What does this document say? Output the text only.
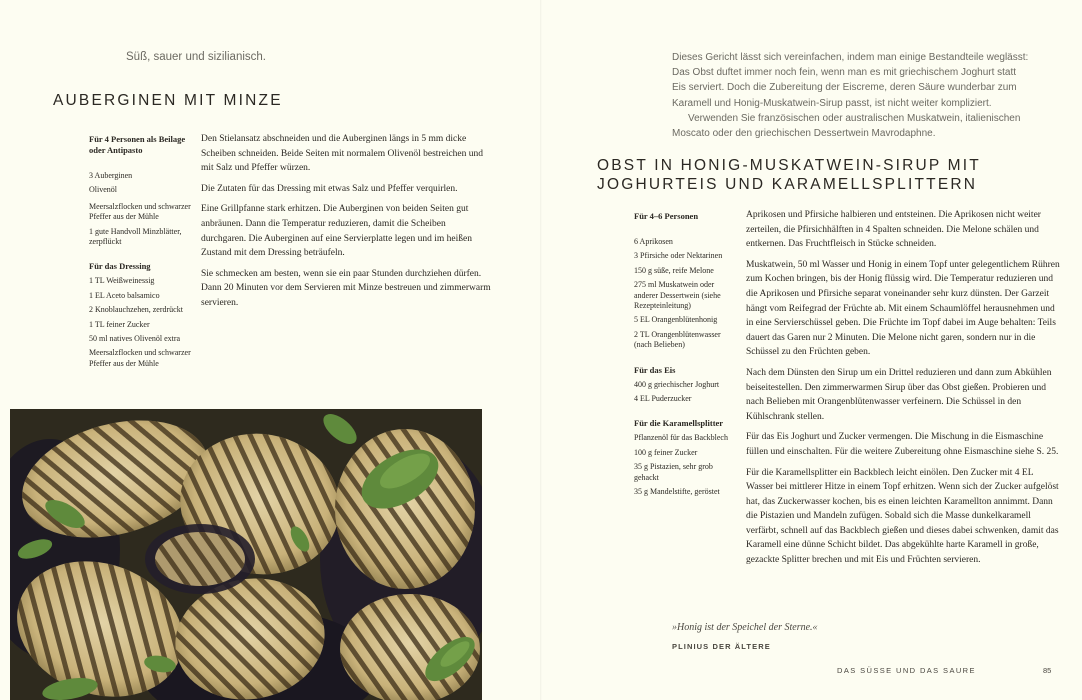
Süß, sauer und sizilianisch.
AUBERGINEN MIT MINZE
Für 4 Personen als Beilage oder Antipasto
3 Auberginen
Olivenöl
Meersalzflocken und schwarzer Pfeffer aus der Mühle
1 gute Handvoll Minzblätter, zerpflückt
Für das Dressing
1 TL Weißweinessig
1 EL Aceto balsamico
2 Knoblauchzehen, zerdrückt
1 TL feiner Zucker
50 ml natives Olivenöl extra
Meersalzflocken und schwarzer Pfeffer aus der Mühle

Den Stielansatz abschneiden und die Auberginen längs in 5 mm dicke Scheiben schneiden. Beide Seiten mit normalem Olivenöl bestreichen und mit Salz und Pfeffer würzen.

Die Zutaten für das Dressing mit etwas Salz und Pfeffer verquirlen.

Eine Grillpfanne stark erhitzen. Die Auberginen von beiden Seiten gut anbräunen. Dann die Temperatur reduzieren, damit die Scheiben durchgaren. Die Auberginen auf eine Servierplatte legen und im heißen Zustand mit dem Dressing beträufeln.

Sie schmecken am besten, wenn sie ein paar Stunden durchziehen dürfen. Dann 20 Minuten vor dem Servieren mit Minze bestreuen und zimmerwarm servieren.

Dieses Gericht lässt sich vereinfachen, indem man einige Bestandteile weglässt: Das Obst duftet immer noch fein, wenn man es mit griechischem Joghurt statt Eis serviert. Doch die Zubereitung der Eiscreme, deren Säure wunderbar zum Karamell und Honig-Muskatwein-Sirup passt, ist nicht weiter kompliziert.

Verwenden Sie französischen oder australischen Muskatwein, italienischen Moscato oder den griechischen Dessertwein Mavrodaphne.

OBST IN HONIG-MUSKATWEIN-SIRUP MIT JOGHURTEIS UND KARAMELLSPLITTERN
Für 4–6 Personen
6 Aprikosen
3 Pfirsiche oder Nektarinen
150 g süße, reife Melone
275 ml Muskatwein oder anderer Dessertwein (siehe Rezepteinleitung)
5 EL Orangenblütenhonig
2 TL Orangenblütenwasser (nach Belieben)
Für das Eis
400 g griechischer Joghurt
4 EL Puderzucker
Für die Karamellsplitter
Pflanzenöl für das Backblech
100 g feiner Zucker
35 g Pistazien, sehr grob gehackt
35 g Mandelstifte, geröstet

Aprikosen und Pfirsiche halbieren und entsteinen. Die Aprikosen nicht weiter zerteilen, die Pfirsichhälften in 4 Spalten schneiden. Die Melone schälen und entkernen. Das Fruchtfleisch in Stücke schneiden.

Muskatwein, 50 ml Wasser und Honig in einem Topf unter gelegentlichem Rühren zum Kochen bringen, bis der Honig flüssig wird. Die Temperatur reduzieren und die Aprikosen und Pfirsiche separat voneinander sehr kurz dünsten. Der Garzeit hängt vom Reifegrad der Früchte ab. Mit einem Schaumlöffel herausnehmen und in eine Servierschüssel geben. Die Früchte im Topf dabei im Auge behalten: Teils dauert das Garen nur 2 Minuten. Die Melone nicht garen, sondern nur in die Schüssel zu den Früchten geben.

Nach dem Dünsten den Sirup um ein Drittel reduzieren und dann zum Abkühlen beiseitestellen. Den zimmerwarmen Sirup über das Obst gießen. Probieren und nach Belieben mit Orangenblütenwasser verfeinern. Die Schüssel in den Kühlschrank stellen.

Für das Eis Joghurt und Zucker vermengen. Die Mischung in die Eismaschine füllen und einschalten. Für die weitere Zubereitung ohne Eismaschine siehe S. 25.

Für die Karamellsplitter ein Backblech leicht einölen. Den Zucker mit 4 EL Wasser bei mittlerer Hitze in einem Topf erhitzen. Wenn sich der Zucker aufgelöst hat, das Zuckerwasser kochen, bis es einen leichten Karamellton annimmt. Dann die Pistazien und Mandeln zufügen. Sobald sich die Masse dunkelkaramell verfärbt, schnell auf das Backblech gießen und dieses dabei schwenken, damit das Karamell eine dünne Schicht bildet. Das abgekühlte harte Karamell in große, gezackte Splitter brechen und mit Eis und Früchten servieren.

»Honig ist der Speichel der Sterne.«
PLINIUS DER ÄLTERE
DAS SÜSSE UND DAS SAURE	85
